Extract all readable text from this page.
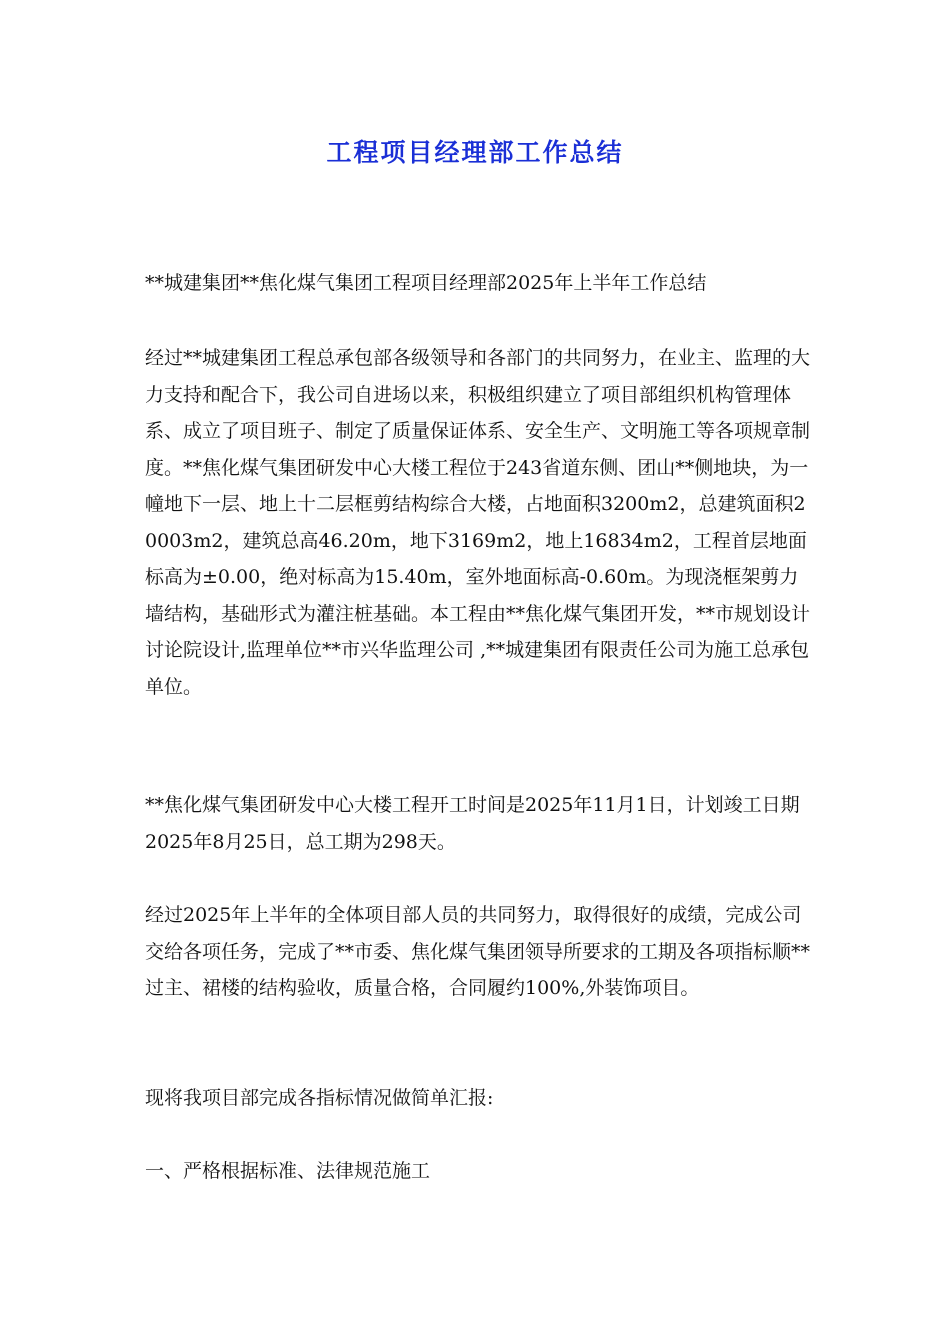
工程项目经理部工作总结

**城建集团**焦化煤气集团工程项目经理部2025年上半年工作总结

经过**城建集团工程总承包部各级领导和各部门的共同努力，在业主、监理的大力支持和配合下，我公司自进场以来，积极组织建立了项目部组织机构管理体系、成立了项目班子、制定了质量保证体系、安全生产、文明施工等各项规章制度。**焦化煤气集团研发中心大楼工程位于243省道东侧、团山**侧地块，为一幢地下一层、地上十二层框剪结构综合大楼，占地面积3200m2，总建筑面积20003m2，建筑总高46.20m，地下3169m2，地上16834m2，工程首层地面标高为±0.00，绝对标高为15.40m，室外地面标高-0.60m。为现浇框架剪力墙结构，基础形式为灌注桩基础。本工程由**焦化煤气集团开发，**市规划设计讨论院设计,监理单位**市兴华监理公司 ,**城建集团有限责任公司为施工总承包单位。

**焦化煤气集团研发中心大楼工程开工时间是2025年11月1日，计划竣工日期2025年8月25日，总工期为298天。

经过2025年上半年的全体项目部人员的共同努力，取得很好的成绩，完成公司交给各项任务，完成了**市委、焦化煤气集团领导所要求的工期及各项指标顺**过主、裙楼的结构验收，质量合格，合同履约100%,外装饰项目。

现将我项目部完成各指标情况做简单汇报:

一、严格根据标准、法律规范施工
